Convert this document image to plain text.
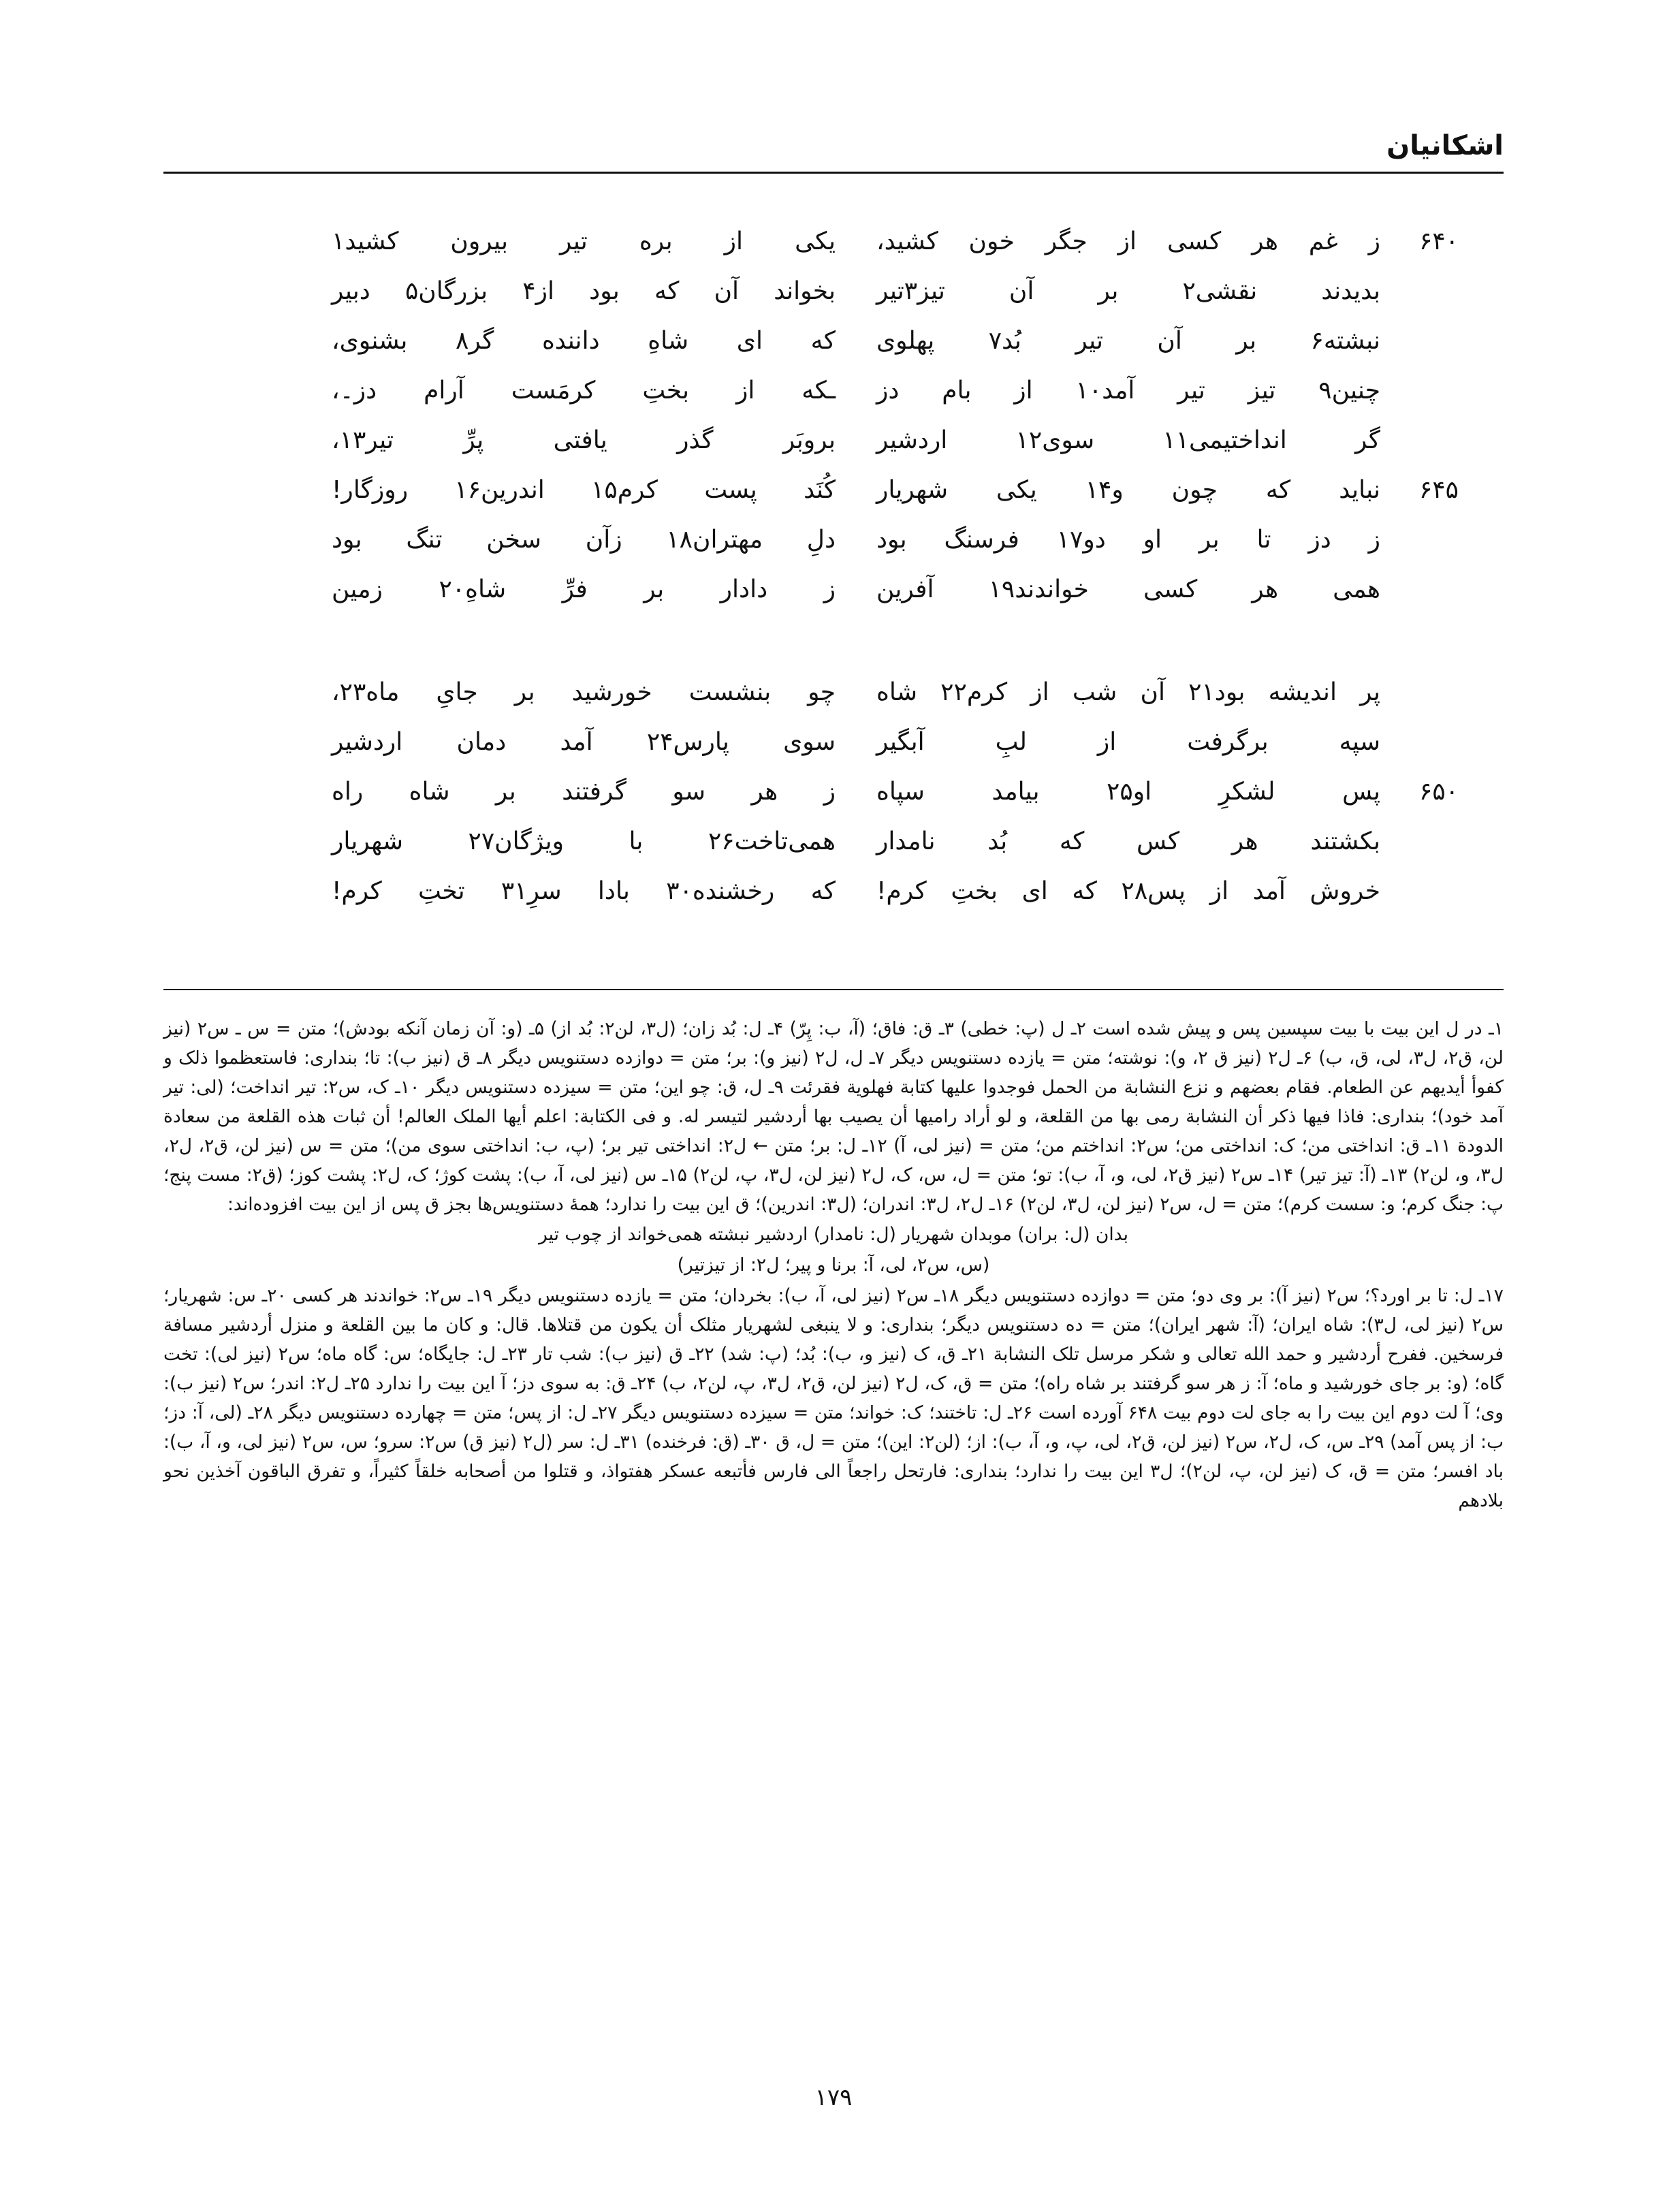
اشکانیان
۶۴۰
ز غم هر کسی از جگر خون کشید،
یکی از بره تیر بیرون کشید۱
بدیدند نقشی۲ بر آن تیز۳تیر
بخواند آن که بود از۴ بزرگان۵ دبیر
نبشته۶ بر آن تیر بُد۷ پهلوی
که ای شاهِ داننده گر۸ بشنوی،
چنین۹ تیز تیر آمد۱۰ از بام دز
ـکه از بختِ کرمَست آرام دز۔،
گر انداختیمی۱۱ سوی۱۲ اردشیر
بروبَر گذر یافتی پرِّ تیر۱۳،
۶۴۵
نباید که چون و۱۴ یکی شهریار
کُنَد پست کرم۱۵ اندرین۱۶ روزگار!
ز دز تا بر او دو۱۷ فرسنگ بود
دلِ مهتران۱۸ زآن سخن تنگ بود
همی هر کسی خواندند۱۹ آفرین
ز دادار بر فرِّ شاهِ۲۰ زمین
پر اندیشه بود۲۱ آن شب از کرم۲۲ شاه
چو بنشست خورشید بر جایِ ماه۲۳،
سپه برگرفت از لبِ آبگیر
سوی پارس۲۴ آمد دمان اردشیر
۶۵۰
پس لشکرِ او۲۵ بیامد سپاه
ز هر سو گرفتند بر شاه راه
بکشتند هر کس که بُد نامدار
همی‌تاخت۲۶ با ویژگان۲۷ شهریار
خروش آمد از پس۲۸ که ای بختِ کرم!
که رخشنده۳۰ بادا سرِ۳۱ تختِ کرم!

۱ـ در ل این بیت با بیت سپسین پس و پیش شده است ۲ـ ل (پ: خطی) ۳ـ ق: فاق؛ (آ، ب: پِرّ) ۴ـ ل: بُد زان؛ (ل۳، لن۲: بُد از) ۵ـ (و: آن زمان آنکه بودش)؛ متن = س ـ س۲ (نیز لن، ق۲، ل۳، لی، ق، ب) ۶ـ ل۲ (نیز ق ۲، و): نوشته؛ متن = یازده دستنویس دیگر ۷ـ ل، ل۲ (نیز و): بر؛ متن = دوازده دستنویس دیگر ۸ـ ق (نیز ب): تا؛ بنداری: فاستعظموا ذلک و کفوأ أیدیهم عن الطعام. فقام بعضهم و نزع النشابة من الحمل فوجدوا علیها کتابة فهلویة فقرئت ۹ـ ل، ق: چو این؛ متن = سیزده دستنویس دیگر ۱۰ـ ک، س۲: تیر انداخت؛ (لی: تیر آمد خود)؛ بنداری: فاذا فیها ذکر أن النشابة رمی بها من القلعة، و لو أراد رامیها أن یصیب بها أردشیر لتیسر له. و فی الکتابة: اعلم أیها الملک العالم! أن ثبات هذه القلعة من سعادة الدودة ۱۱ـ ق: انداختی من؛ ک: انداختی من؛ س۲: انداختم من؛ متن = (نیز لی، آ) ۱۲ـ ل: بر؛ متن ← ل۲: انداختی تیر بر؛ (پ، ب: انداختی سوی من)؛ متن = س (نیز لن، ق۲، ل۲، ل۳، و، لن۲) ۱۳ـ (آ: تیز تیر) ۱۴ـ س۲ (نیز ق۲، لی، و، آ، ب): تو؛ متن = ل، س، ک، ل۲ (نیز لن، ل۳، پ، لن۲) ۱۵ـ س (نیز لی، آ، ب): پشت کوژ؛ ک، ل۲: پشت کوز؛ (ق۲: مست پنج؛ پ: جنگ کرم؛ و: سست کرم)؛ متن = ل، س۲ (نیز لن، ل۳، لن۲) ۱۶ـ ل۲، ل۳: اندران؛ (ل۳: اندرین)؛ ق این بیت را ندارد؛ همهٔ دستنویس‌ها بجز ق پس از این بیت افزوده‌اند:

بدان (ل: بران) موبدان شهریار (ل: نامدار) اردشیر نبشته همی‌خواند از چوب تیر

(س، س۲، لی، آ: برنا و پیر؛ ل۲: از تیزتیر)

۱۷ـ ل: تا بر اورد؟؛ س۲ (نیز آ): بر وی دو؛ متن = دوازده دستنویس دیگر ۱۸ـ س۲ (نیز لی، آ، ب): بخردان؛ متن = یازده دستنویس دیگر ۱۹ـ س۲: خواندند هر کسی ۲۰ـ س: شهریار؛ س۲ (نیز لی، ل۳): شاه ایران؛ (آ: شهر ایران)؛ متن = ده دستنویس دیگر؛ بنداری: و لا ینبغی لشهریار مثلک أن یکون من قتلاها. قال: و کان ما بین القلعة و منزل أردشیر مسافة فرسخین. ففرح أردشیر و حمد الله تعالی و شکر مرسل تلک النشابة ۲۱ـ ق، ک (نیز و، ب): بُد؛ (پ: شد) ۲۲ـ ق (نیز ب): شب تار ۲۳ـ ل: جایگاه؛ س: گاه ماه؛ س۲ (نیز لی): تخت گاه؛ (و: بر جای خورشید و ماه؛ آ: ز هر سو گرفتند بر شاه راه)؛ متن = ق، ک، ل۲ (نیز لن، ق۲، ل۳، پ، لن۲، ب) ۲۴ـ ق: به سوی دز؛ آ این بیت را ندارد ۲۵ـ ل۲: اندر؛ س۲ (نیز ب): وی؛ آ لت دوم این بیت را به جای لت دوم بیت ۶۴۸ آورده است ۲۶ـ ل: تاختند؛ ک: خواند؛ متن = سیزده دستنویس دیگر ۲۷ـ ل: از پس؛ متن = چهارده دستنویس دیگر ۲۸ـ (لی، آ: دز؛ ب: از پس آمد) ۲۹ـ س، ک، ل۲، س۲ (نیز لن، ق۲، لی، پ، و، آ، ب): از؛ (لن۲: این)؛ متن = ل، ق ۳۰ـ (ق: فرخنده) ۳۱ـ ل: سر (ل۲ (نیز ق) س۲: سرو؛ س، س۲ (نیز لی، و، آ، ب): باد افسر؛ متن = ق، ک (نیز لن، پ، لن۲)؛ ل۳ این بیت را ندارد؛ بنداری: فارتحل راجعاً الی فارس فأتبعه عسکر هفتواذ، و قتلوا من أصحابه خلقاً کثیراً، و تفرق الباقون آخذین نحو بلادهم

۱۷۹
